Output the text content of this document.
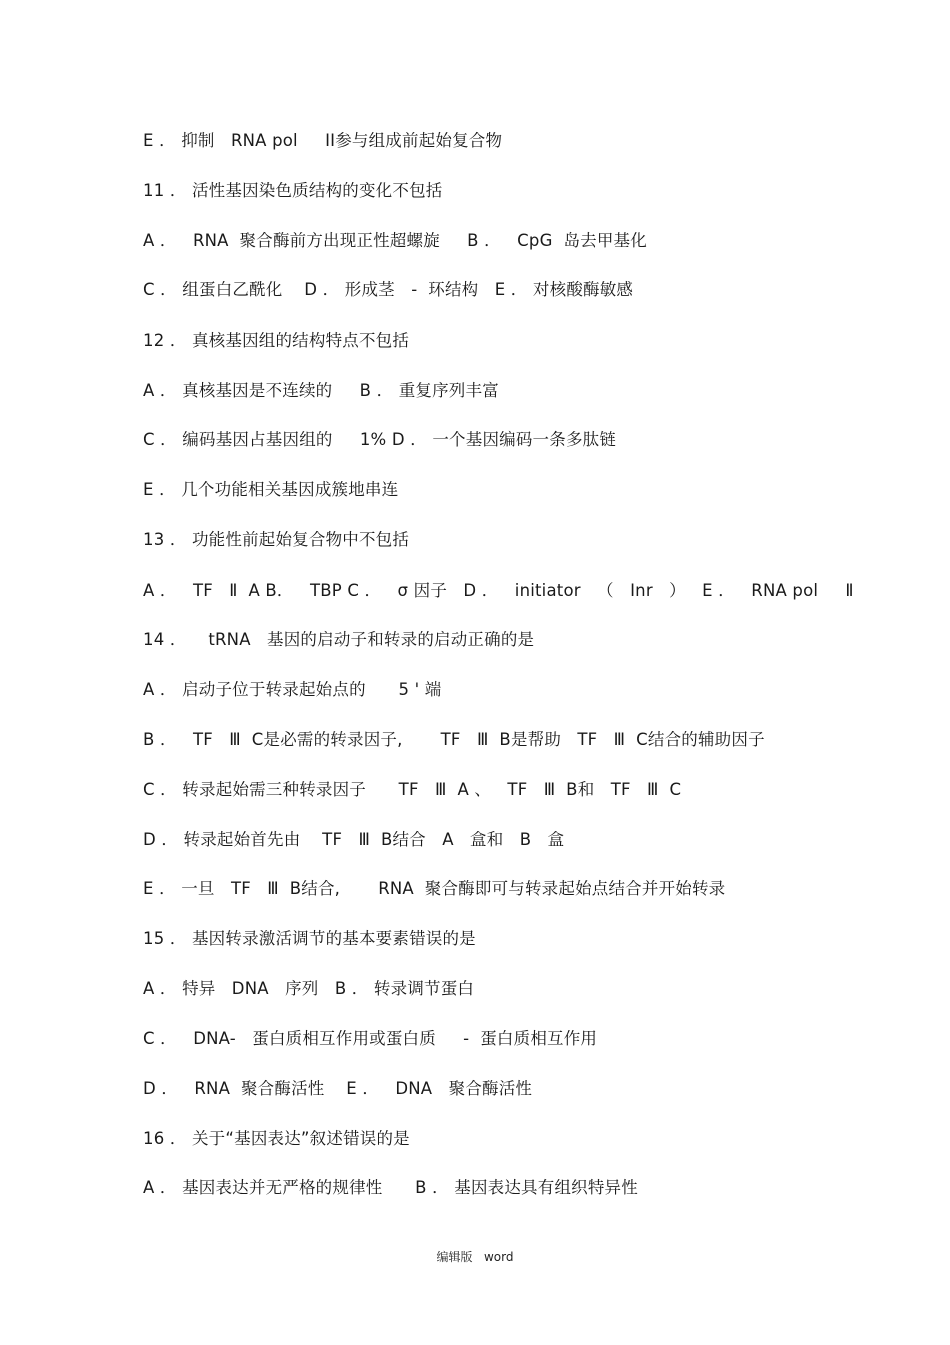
E ． 抑制   RNA pol     II参与组成前起始复合物
11 ． 活性基因染色质结构的变化不包括
A ．   RNA  聚合酶前方出现正性超螺旋     B ．   CpG  岛去甲基化
C ． 组蛋白乙酰化    D ． 形成茎   -  环结构   E ． 对核酸酶敏感
12 ． 真核基因组的结构特点不包括
A ． 真核基因是不连续的     B ． 重复序列丰富
C ． 编码基因占基因组的     1% D ． 一个基因编码一条多肽链
E ． 几个功能相关基因成簇地串连
13 ． 功能性前起始复合物中不包括
A ．   TF   Ⅱ  A B．   TBP C ．   σ 因子   D ．   initiator   （   Inr   ）   E ．   RNA pol     Ⅱ
14 ．    tRNA   基因的启动子和转录的启动正确的是
A ． 启动子位于转录起始点的      5 ' 端
B ．   TF   Ⅲ  C是必需的转录因子,       TF   Ⅲ  B是帮助   TF   Ⅲ  C结合的辅助因子
C ． 转录起始需三种转录因子      TF   Ⅲ  A 、   TF   Ⅲ  B和   TF   Ⅲ  C
D ． 转录起始首先由    TF   Ⅲ  B结合   A   盒和   B   盒
E ． 一旦   TF   Ⅲ  B结合,       RNA  聚合酶即可与转录起始点结合并开始转录
15 ． 基因转录激活调节的基本要素错误的是
A ． 特异   DNA   序列   B ． 转录调节蛋白
C ．   DNA-   蛋白质相互作用或蛋白质     -  蛋白质相互作用
D ．   RNA  聚合酶活性    E ．   DNA   聚合酶活性
16 ． 关于“基因表达”叙述错误的是
A ． 基因表达并无严格的规律性      B ． 基因表达具有组织特异性
编辑版   word
